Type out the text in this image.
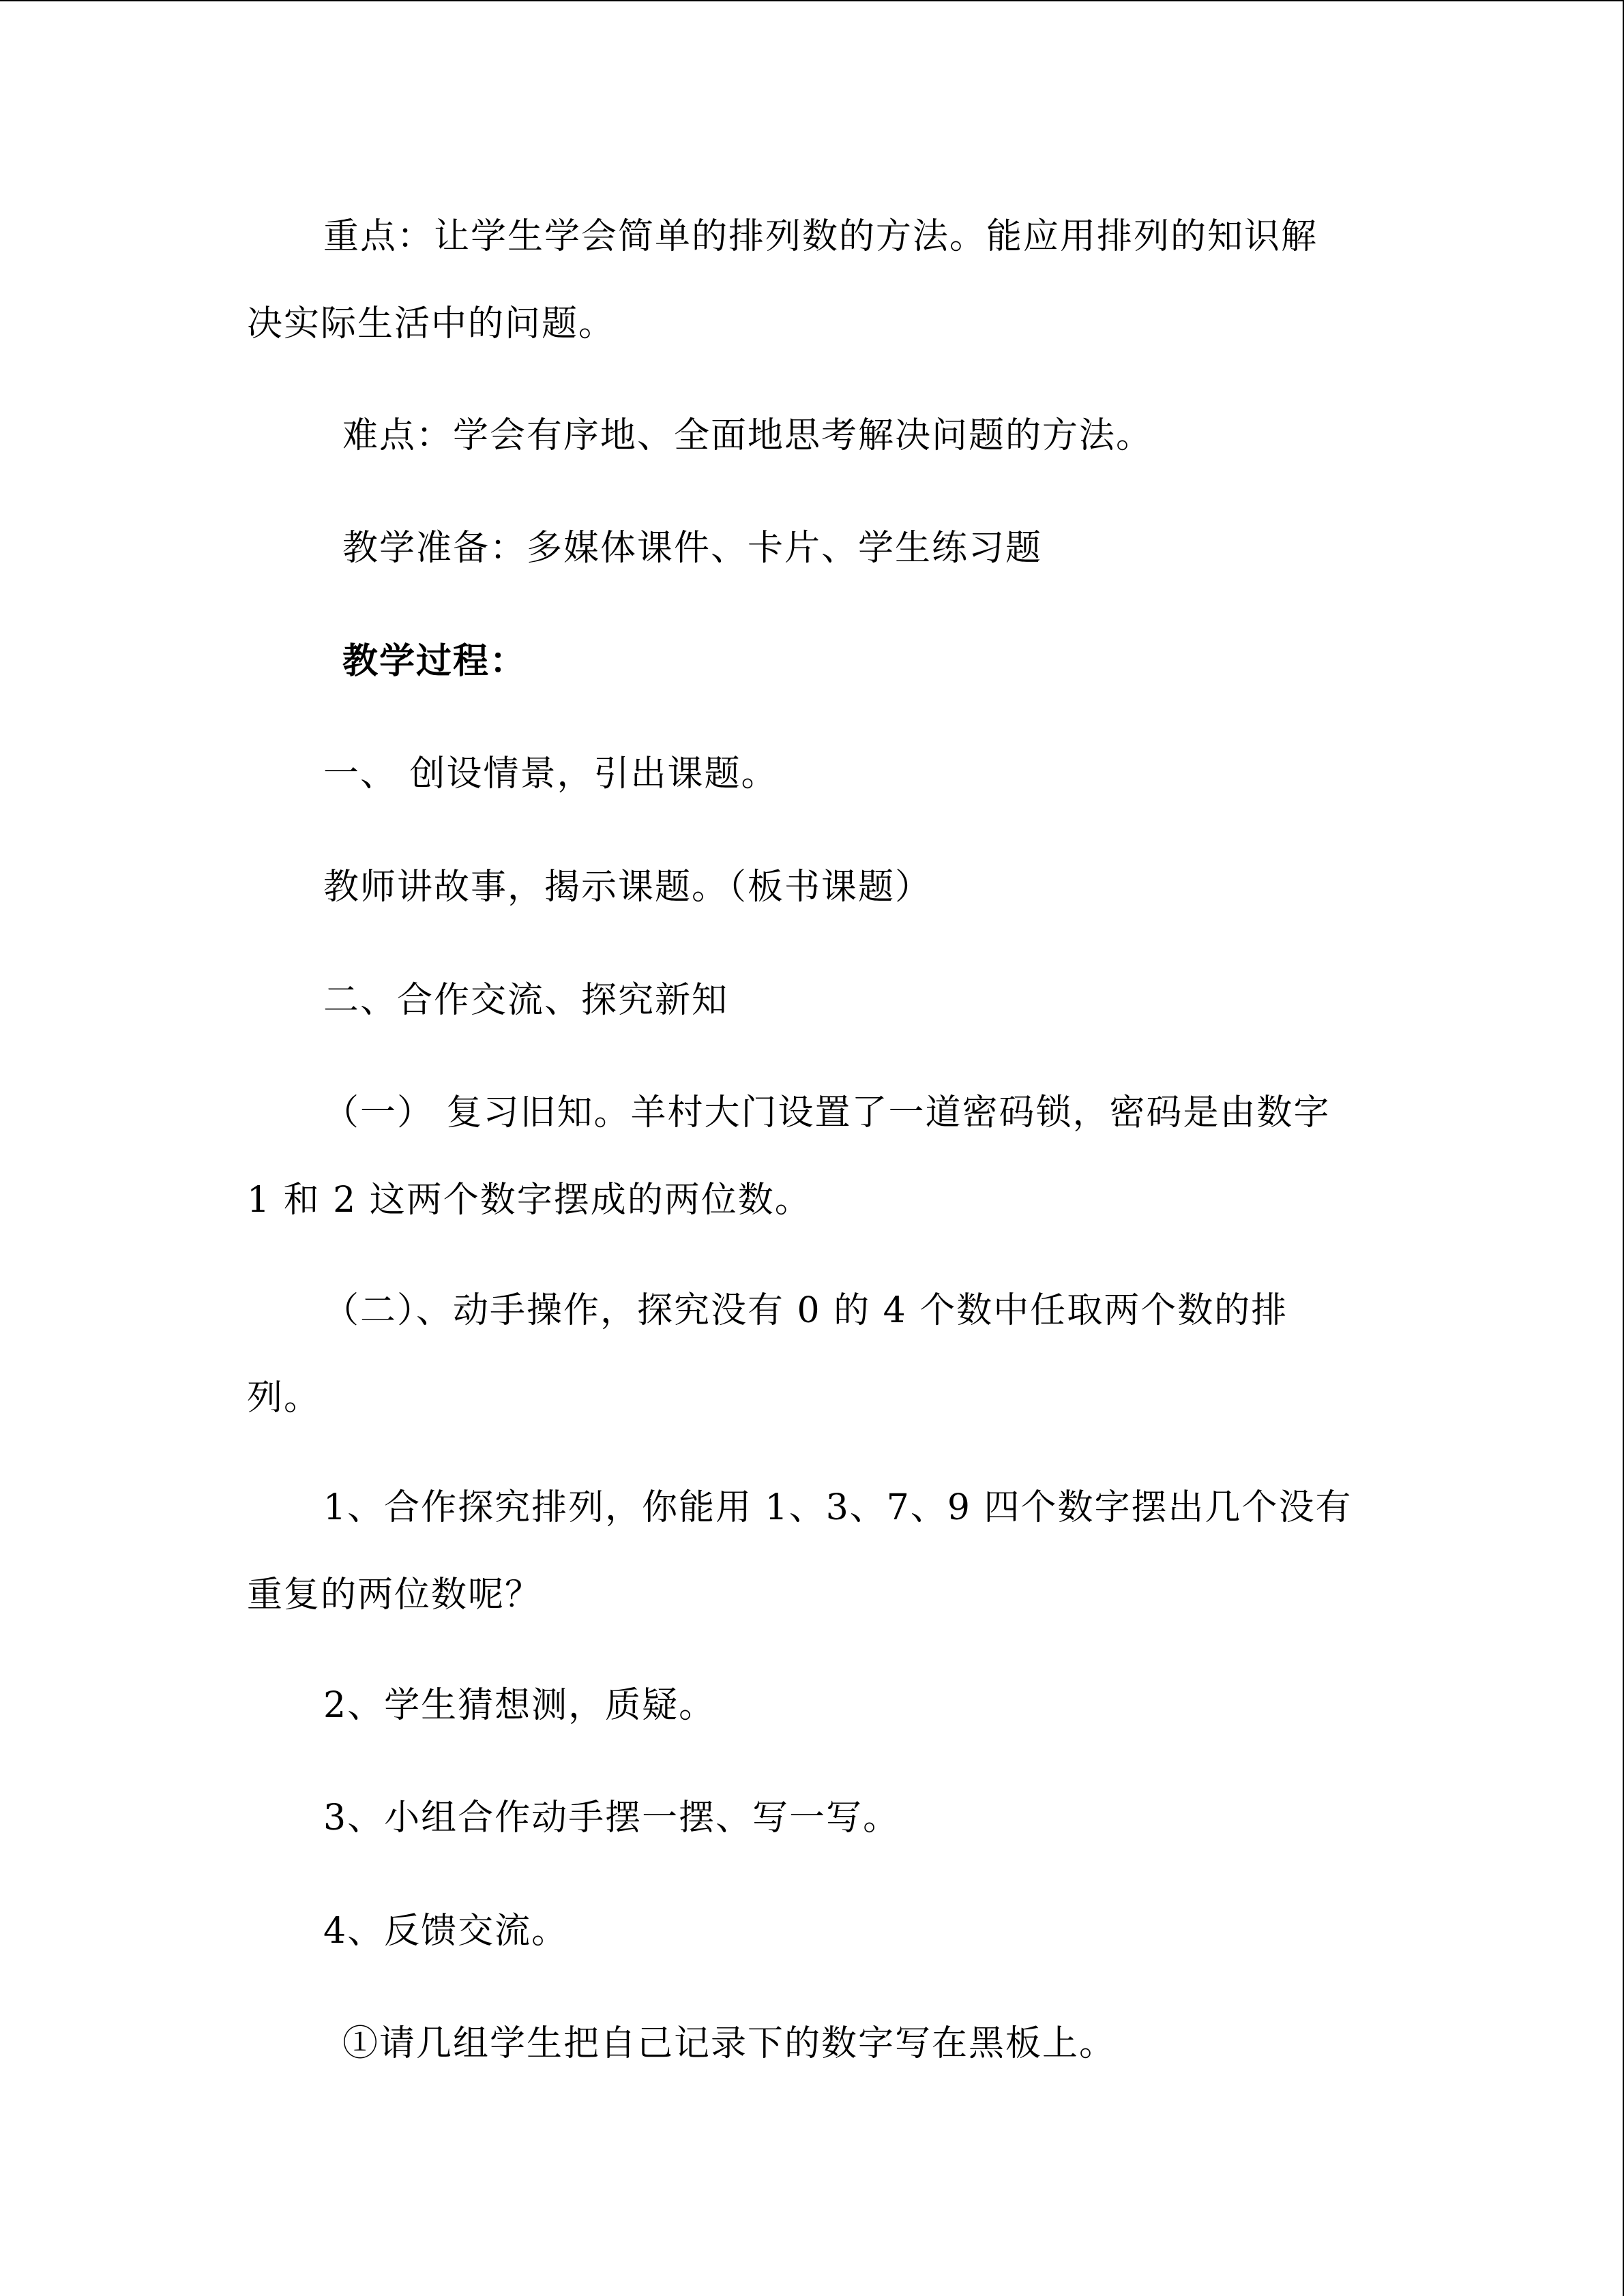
重点：让学生学会简单的排列数的方法。能应用排列的知识解
决实际生活中的问题。
难点：学会有序地、全面地思考解决问题的方法。
教学准备：多媒体课件、卡片、学生练习题
教学过程：
一、 创设情景，引出课题。
教师讲故事，揭示课题。（板书课题）
二、合作交流、探究新知
（一） 复习旧知。羊村大门设置了一道密码锁，密码是由数字
1 和 2 这两个数字摆成的两位数。
（二）、动手操作，探究没有 0 的 4 个数中任取两个数的排
列。
1、合作探究排列，你能用 1、3、7、9 四个数字摆出几个没有
重复的两位数呢？
2、学生猜想测，质疑。
3、小组合作动手摆一摆、写一写。
4、反馈交流。
①请几组学生把自己记录下的数字写在黑板上。
